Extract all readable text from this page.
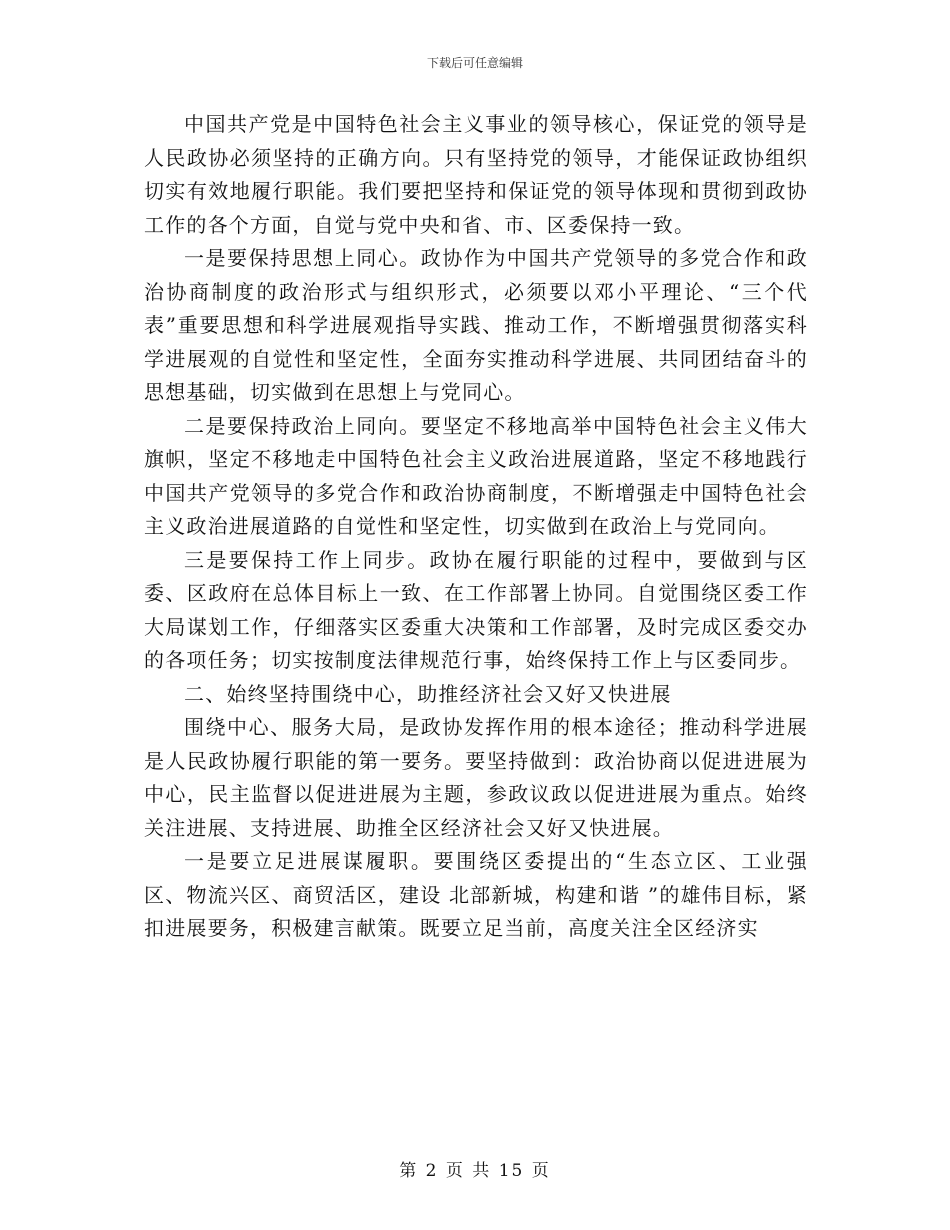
下载后可任意编辑

中国共产党是中国特色社会主义事业的领导核心，保证党的领导是人民政协必须坚持的正确方向。只有坚持党的领导，才能保证政协组织切实有效地履行职能。我们要把坚持和保证党的领导体现和贯彻到政协工作的各个方面，自觉与党中央和省、市、区委保持一致。

一是要保持思想上同心。政协作为中国共产党领导的多党合作和政治协商制度的政治形式与组织形式，必须要以邓小平理论、“三个代表”重要思想和科学进展观指导实践、推动工作，不断增强贯彻落实科学进展观的自觉性和坚定性，全面夯实推动科学进展、共同团结奋斗的思想基础，切实做到在思想上与党同心。

二是要保持政治上同向。要坚定不移地高举中国特色社会主义伟大旗帜，坚定不移地走中国特色社会主义政治进展道路，坚定不移地践行中国共产党领导的多党合作和政治协商制度，不断增强走中国特色社会主义政治进展道路的自觉性和坚定性，切实做到在政治上与党同向。

三是要保持工作上同步。政协在履行职能的过程中，要做到与区委、区政府在总体目标上一致、在工作部署上协同。自觉围绕区委工作大局谋划工作，仔细落实区委重大决策和工作部署，及时完成区委交办的各项任务；切实按制度法律规范行事，始终保持工作上与区委同步。

二、始终坚持围绕中心，助推经济社会又好又快进展

围绕中心、服务大局，是政协发挥作用的根本途径；推动科学进展是人民政协履行职能的第一要务。要坚持做到：政治协商以促进进展为中心，民主监督以促进进展为主题，参政议政以促进进展为重点。始终关注进展、支持进展、助推全区经济社会又好又快进展。

一是要立足进展谋履职。要围绕区委提出的“生态立区、工业强区、物流兴区、商贸活区，建设 北部新城，构建和谐 ”的雄伟目标，紧扣进展要务，积极建言献策。既要立足当前，高度关注全区经济实

第 2 页 共 15 页
